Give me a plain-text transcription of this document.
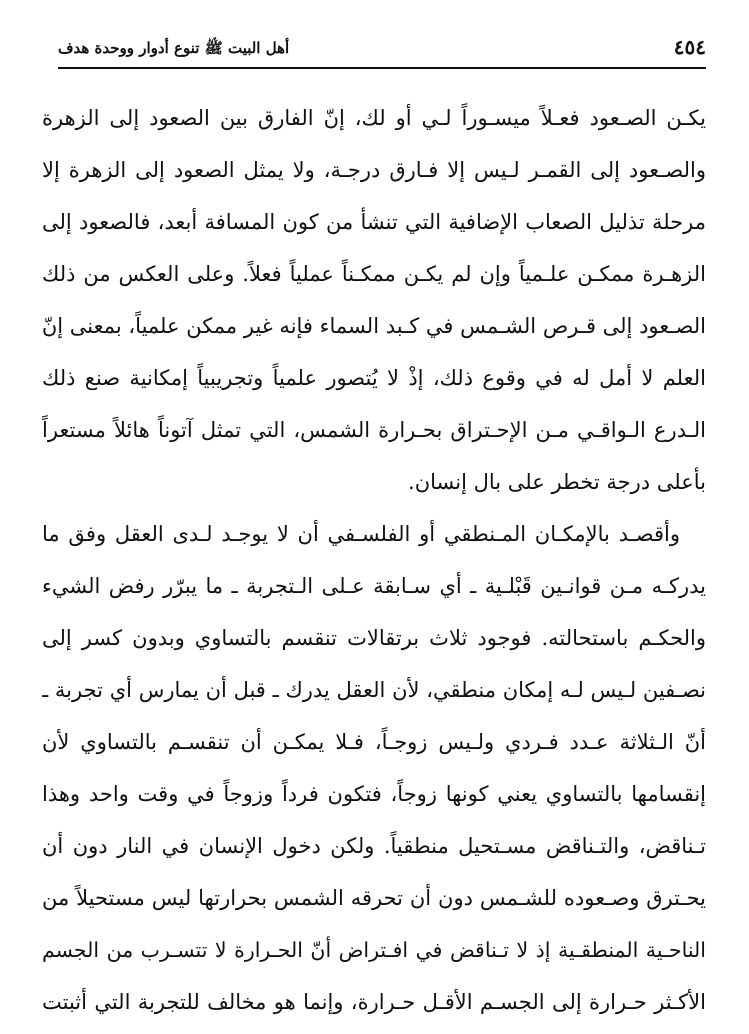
٤٥٤
أهل البيت ﷺ تنوع أدوار ووحدة هدف
يكـن الصـعود فعـلاً ميسـوراً لـي أو لك، إنّ الفارق بين الصعود إلى الزهرة
والصـعود إلى القمـر لـيس إلا فـارق درجـة، ولا يمثل الصعود إلى الزهرة إلا
مرحلة تذليل الصعاب الإضافية التي تنشأ من كون المسافة أبعد، فالصعود إلى
الزهـرة ممكـن علـمياً وإن لم يكـن ممكـناً عملياً فعلاً. وعلى العكس من ذلك
الصـعود إلى قـرص الشـمس في كـبد السماء فإنه غير ممكن علمياً، بمعنى إنّ
العلم لا أمل له في وقوع ذلك، إذْ لا يُتصور علمياً وتجريبياً إمكانية صنع ذلك
الـدرع الـواقـي مـن الإحـتراق بحـرارة الشمس، التي تمثل آتوناً هائلاً مستعراً
بأعلى درجة تخطر على بال إنسان.
وأقصـد بالإمكـان المـنطقي أو الفلسـفي أن لا يوجـد لـدى العقل وفق ما
يدركـه مـن قوانـين قَبْلـية ـ أي سـابقة عـلى الـتجربة ـ ما يبرّر رفض الشيء
والحكـم باستحالته. فوجود ثلاث برتقالات تنقسم بالتساوي وبدون كسر إلى
نصـفين لـيس لـه إمكان منطقي، لأن العقل يدرك ـ قبل أن يمارس أي تجربة ـ
أنّ الـثلاثة عـدد فـردي ولـيس زوجـاً، فـلا يمكـن أن تنقسـم بالتساوي لأن
إنقسامها بالتساوي يعني كونها زوجاً، فتكون فرداً وزوجاً في وقت واحد وهذا
تـناقض، والتـناقض مسـتحيل منطقياً. ولكن دخول الإنسان في النار دون أن
يحـترق وصـعوده للشـمس دون أن تحرقه الشمس بحرارتها ليس مستحيلاً من
الناحـية المنطقـية إذ لا تـناقض في افـتراض أنّ الحـرارة لا تتسـرب من الجسم
الأكـثر حـرارة إلى الجسـم الأقـل حـرارة، وإنما هو مخالف للتجربة التي أثبتت
